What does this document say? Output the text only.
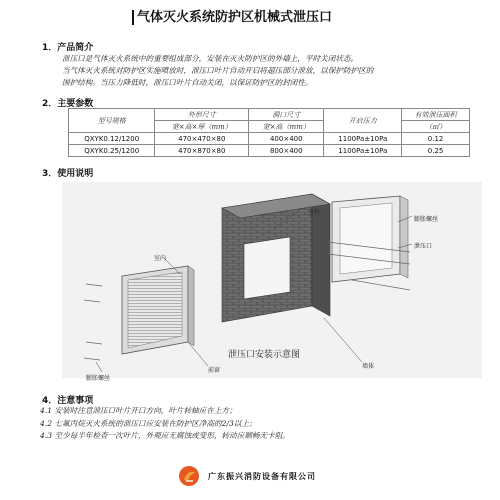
气体灭火系统防护区机械式泄压口
1．产品简介
泄压口是气体灭火系统中的重要组成部分，安装在灭火防护区的外墙上，平时关闭状态。
当气体灭火系统对防护区实施喷放时，泄压口叶片自动开启将超压部分泄放，以保护防护区的
围护结构。当压力降低时，泄压口叶片自动关闭，以保证防护区的封闭性。
2．主要参数
型号规格	外形尺寸	洞口尺寸	开启压力	有效泄压面积
	宽×高×厚（mm）	宽×高（mm）		（㎡）
QXYK0.12/1200	470×470×80	400×400	1100Pa±10Pa	0.12
QXYK0.25/1200	470×870×80	800×400	1100Pa±10Pa	0.25
3．使用说明
室外
室内
膨胀螺丝
泄压口
墙体
前窗
膨胀螺丝
泄压口安装示意图
4．注意事项
4.1 安装时注意泄压口叶片开口方向，叶片转轴应在上方；
4.2 七氟丙烷灭火系统的泄压口应安装在防护区净高的2/3以上；
4.3 至少每半年检查一次叶片，外观应无腐蚀或变形，转动应顺畅无卡阻。
广东振兴消防设备有限公司
